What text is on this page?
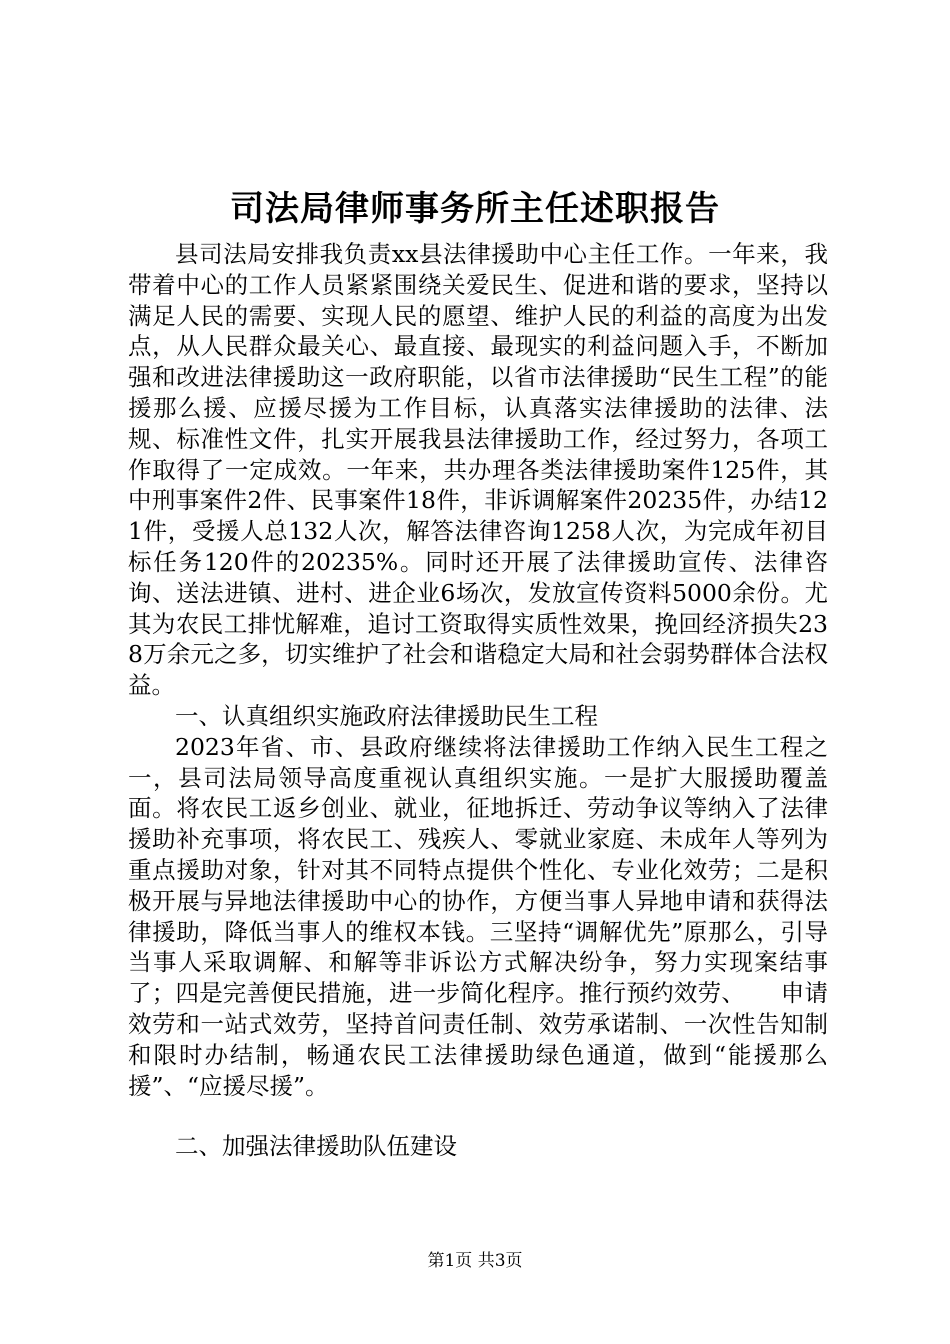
司法局律师事务所主任述职报告

县司法局安排我负责xx县法律援助中心主任工作。一年来，我带着中心的工作人员紧紧围绕关爱民生、促进和谐的要求，坚持以满足人民的需要、实现人民的愿望、维护人民的利益的高度为出发点，从人民群众最关心、最直接、最现实的利益问题入手，不断加强和改进法律援助这一政府职能，以省市法律援助“民生工程”的能援那么援、应援尽援为工作目标，认真落实法律援助的法律、法规、标准性文件，扎实开展我县法律援助工作，经过努力，各项工作取得了一定成效。一年来，共办理各类法律援助案件125件，其中刑事案件2件、民事案件18件，非诉调解案件20235件，办结121件，受援人总132人次，解答法律咨询1258人次，为完成年初目标任务120件的20235%。同时还开展了法律援助宣传、法律咨询、送法进镇、进村、进企业6场次，发放宣传资料5000余份。尤其为农民工排忧解难，追讨工资取得实质性效果，挽回经济损失238万余元之多，切实维护了社会和谐稳定大局和社会弱势群体合法权益。

一、认真组织实施政府法律援助民生工程

2023年省、市、县政府继续将法律援助工作纳入民生工程之一，县司法局领导高度重视认真组织实施。一是扩大服援助覆盖面。将农民工返乡创业、就业，征地拆迁、劳动争议等纳入了法律援助补充事项，将农民工、残疾人、零就业家庭、未成年人等列为重点援助对象，针对其不同特点提供个性化、专业化效劳；二是积极开展与异地法律援助中心的协作，方便当事人异地申请和获得法律援助，降低当事人的维权本钱。三坚持“调解优先”原那么，引导当事人采取调解、和解等非诉讼方式解决纷争，努力实现案结事了；四是完善便民措施，进一步简化程序。推行预约效劳、　　申请效劳和一站式效劳，坚持首问责任制、效劳承诺制、一次性告知制和限时办结制，畅通农民工法律援助绿色通道，做到“能援那么援”、“应援尽援”。

二、加强法律援助队伍建设

第1页 共3页
